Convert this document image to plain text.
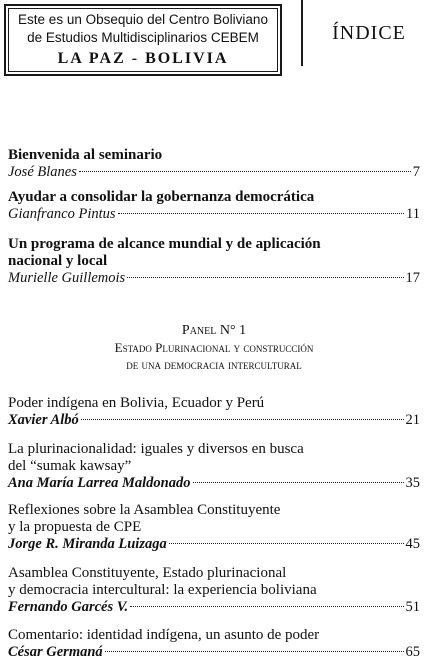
Este es un Obsequio del Centro Boliviano
de Estudios Multidisciplinarios CEBEM
LA PAZ - BOLIVIA
ÍNDICE
Bienvenida al seminario
José Blanes	7
Ayudar a consolidar la gobernanza democrática
Gianfranco Pintus	11
Un programa de alcance mundial y de aplicación
nacional y local
Murielle Guillemois	17
Panel N° 1
Estado Plurinacional y construcción
de una democracia intercultural
Poder indígena en Bolivia, Ecuador y Perú
Xavier Albó	21
La plurinacionalidad: iguales y diversos en busca
del “sumak kawsay”
Ana María Larrea Maldonado	35
Reflexiones sobre la Asamblea Constituyente
y la propuesta de CPE
Jorge R. Miranda Luizaga	45
Asamblea Constituyente, Estado plurinacional
y democracia intercultural: la experiencia boliviana
Fernando Garcés V.	51
Comentario: identidad indígena, un asunto de poder
César Germaná	65
